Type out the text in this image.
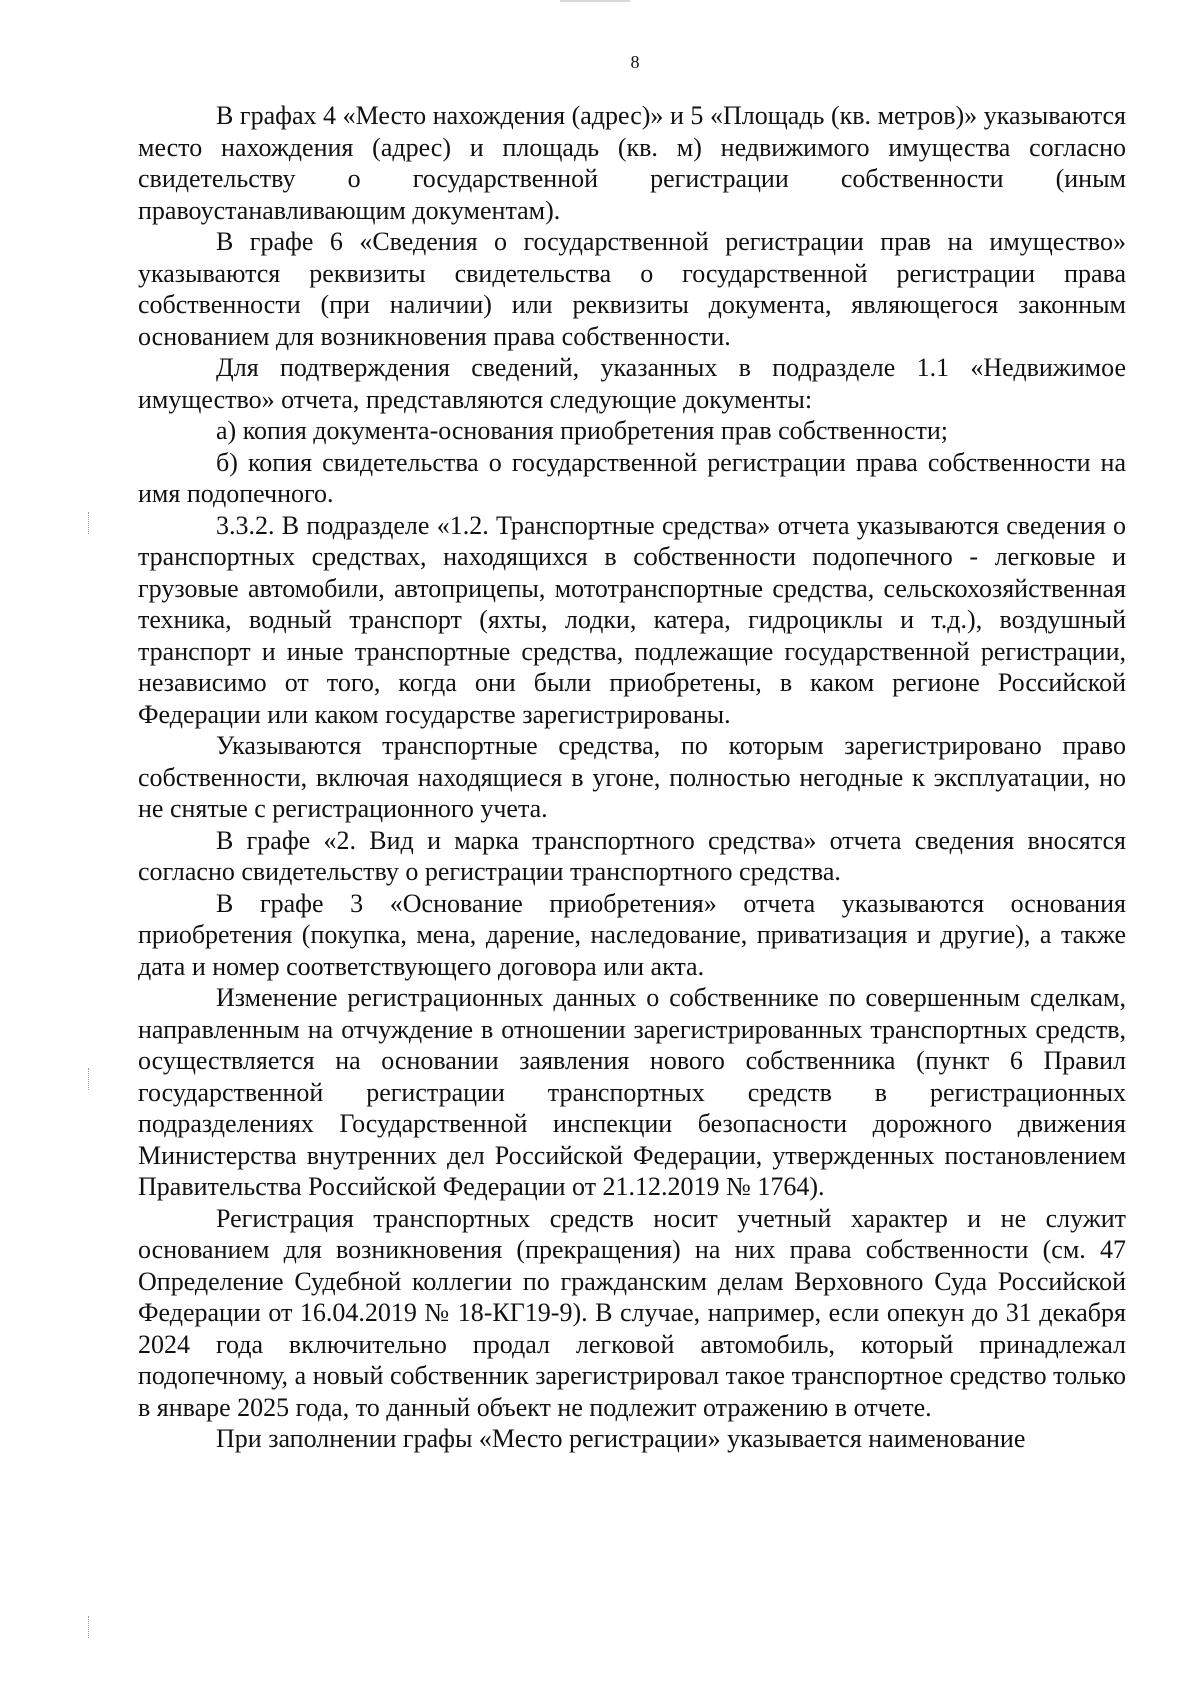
8

В графах 4 «Место нахождения (адрес)» и 5 «Площадь (кв. метров)» указываются место нахождения (адрес) и площадь (кв. м) недвижимого имущества согласно свидетельству о государственной регистрации собственности (иным правоустанавливающим документам).

В графе 6 «Сведения о государственной регистрации прав на имущество» указываются реквизиты свидетельства о государственной регистрации права собственности (при наличии) или реквизиты документа, являющегося законным основанием для возникновения права собственности.

Для подтверждения сведений, указанных в подразделе 1.1 «Недвижимое имущество» отчета, представляются следующие документы:

а) копия документа-основания приобретения прав собственности;

б) копия свидетельства о государственной регистрации права собственности на имя подопечного.

3.3.2. В подразделе «1.2. Транспортные средства» отчета указываются сведения о транспортных средствах, находящихся в собственности подопечного - легковые и грузовые автомобили, автоприцепы, мототранспортные средства, сельскохозяйственная техника, водный транспорт (яхты, лодки, катера, гидроциклы и т.д.), воздушный транспорт и иные транспортные средства, подлежащие государственной регистрации, независимо от того, когда они были приобретены, в каком регионе Российской Федерации или каком государстве зарегистрированы.

Указываются транспортные средства, по которым зарегистрировано право собственности, включая находящиеся в угоне, полностью негодные к эксплуатации, но не снятые с регистрационного учета.

В графе «2. Вид и марка транспортного средства» отчета сведения вносятся согласно свидетельству о регистрации транспортного средства.

В графе 3 «Основание приобретения» отчета указываются основания приобретения (покупка, мена, дарение, наследование, приватизация и другие), а также дата и номер соответствующего договора или акта.

Изменение регистрационных данных о собственнике по совершенным сделкам, направленным на отчуждение в отношении зарегистрированных транспортных средств, осуществляется на основании заявления нового собственника (пункт 6 Правил государственной регистрации транспортных средств в регистрационных подразделениях Государственной инспекции безопасности дорожного движения Министерства внутренних дел Российской Федерации, утвержденных постановлением Правительства Российской Федерации от 21.12.2019 № 1764).

Регистрация транспортных средств носит учетный характер и не служит основанием для возникновения (прекращения) на них права собственности (см. 47 Определение Судебной коллегии по гражданским делам Верховного Суда Российской Федерации от 16.04.2019 № 18-КГ19-9). В случае, например, если опекун до 31 декабря 2024 года включительно продал легковой автомобиль, который принадлежал подопечному, а новый собственник зарегистрировал такое транспортное средство только в январе 2025 года, то данный объект не подлежит отражению в отчете.

При заполнении графы «Место регистрации» указывается наименование
